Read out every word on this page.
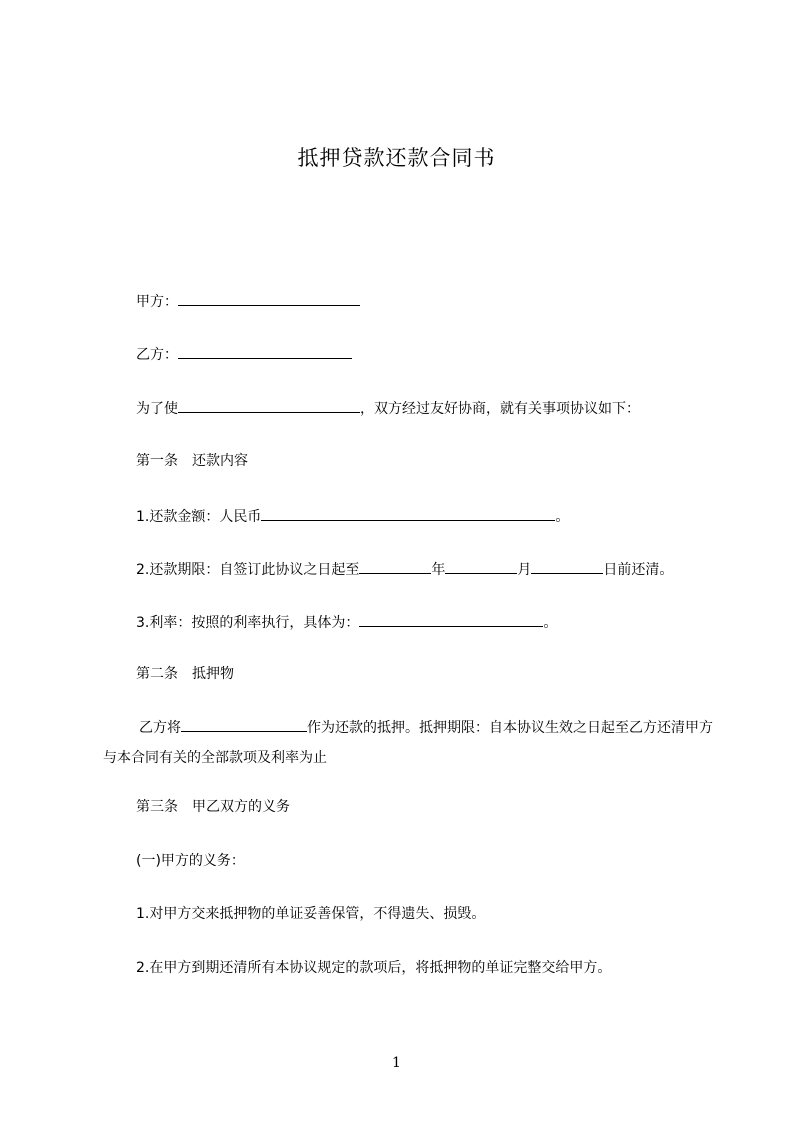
抵押贷款还款合同书
甲方：
乙方：
为了使	，双方经过友好协商，就有关事项协议如下：
第一条　还款内容
1.还款金额：人民币	。
2.还款期限：自签订此协议之日起至	年	月	日前还清。
3.利率：按照的利率执行，具体为：	。
第二条　抵押物
乙方将	作为还款的抵押。抵押期限：自本协议生效之日起至乙方还清甲方与本合同有关的全部款项及利率为止
第三条　甲乙双方的义务
(一)甲方的义务：
1.对甲方交来抵押物的单证妥善保管，不得遗失、损毁。
2.在甲方到期还清所有本协议规定的款项后，将抵押物的单证完整交给甲方。
1
